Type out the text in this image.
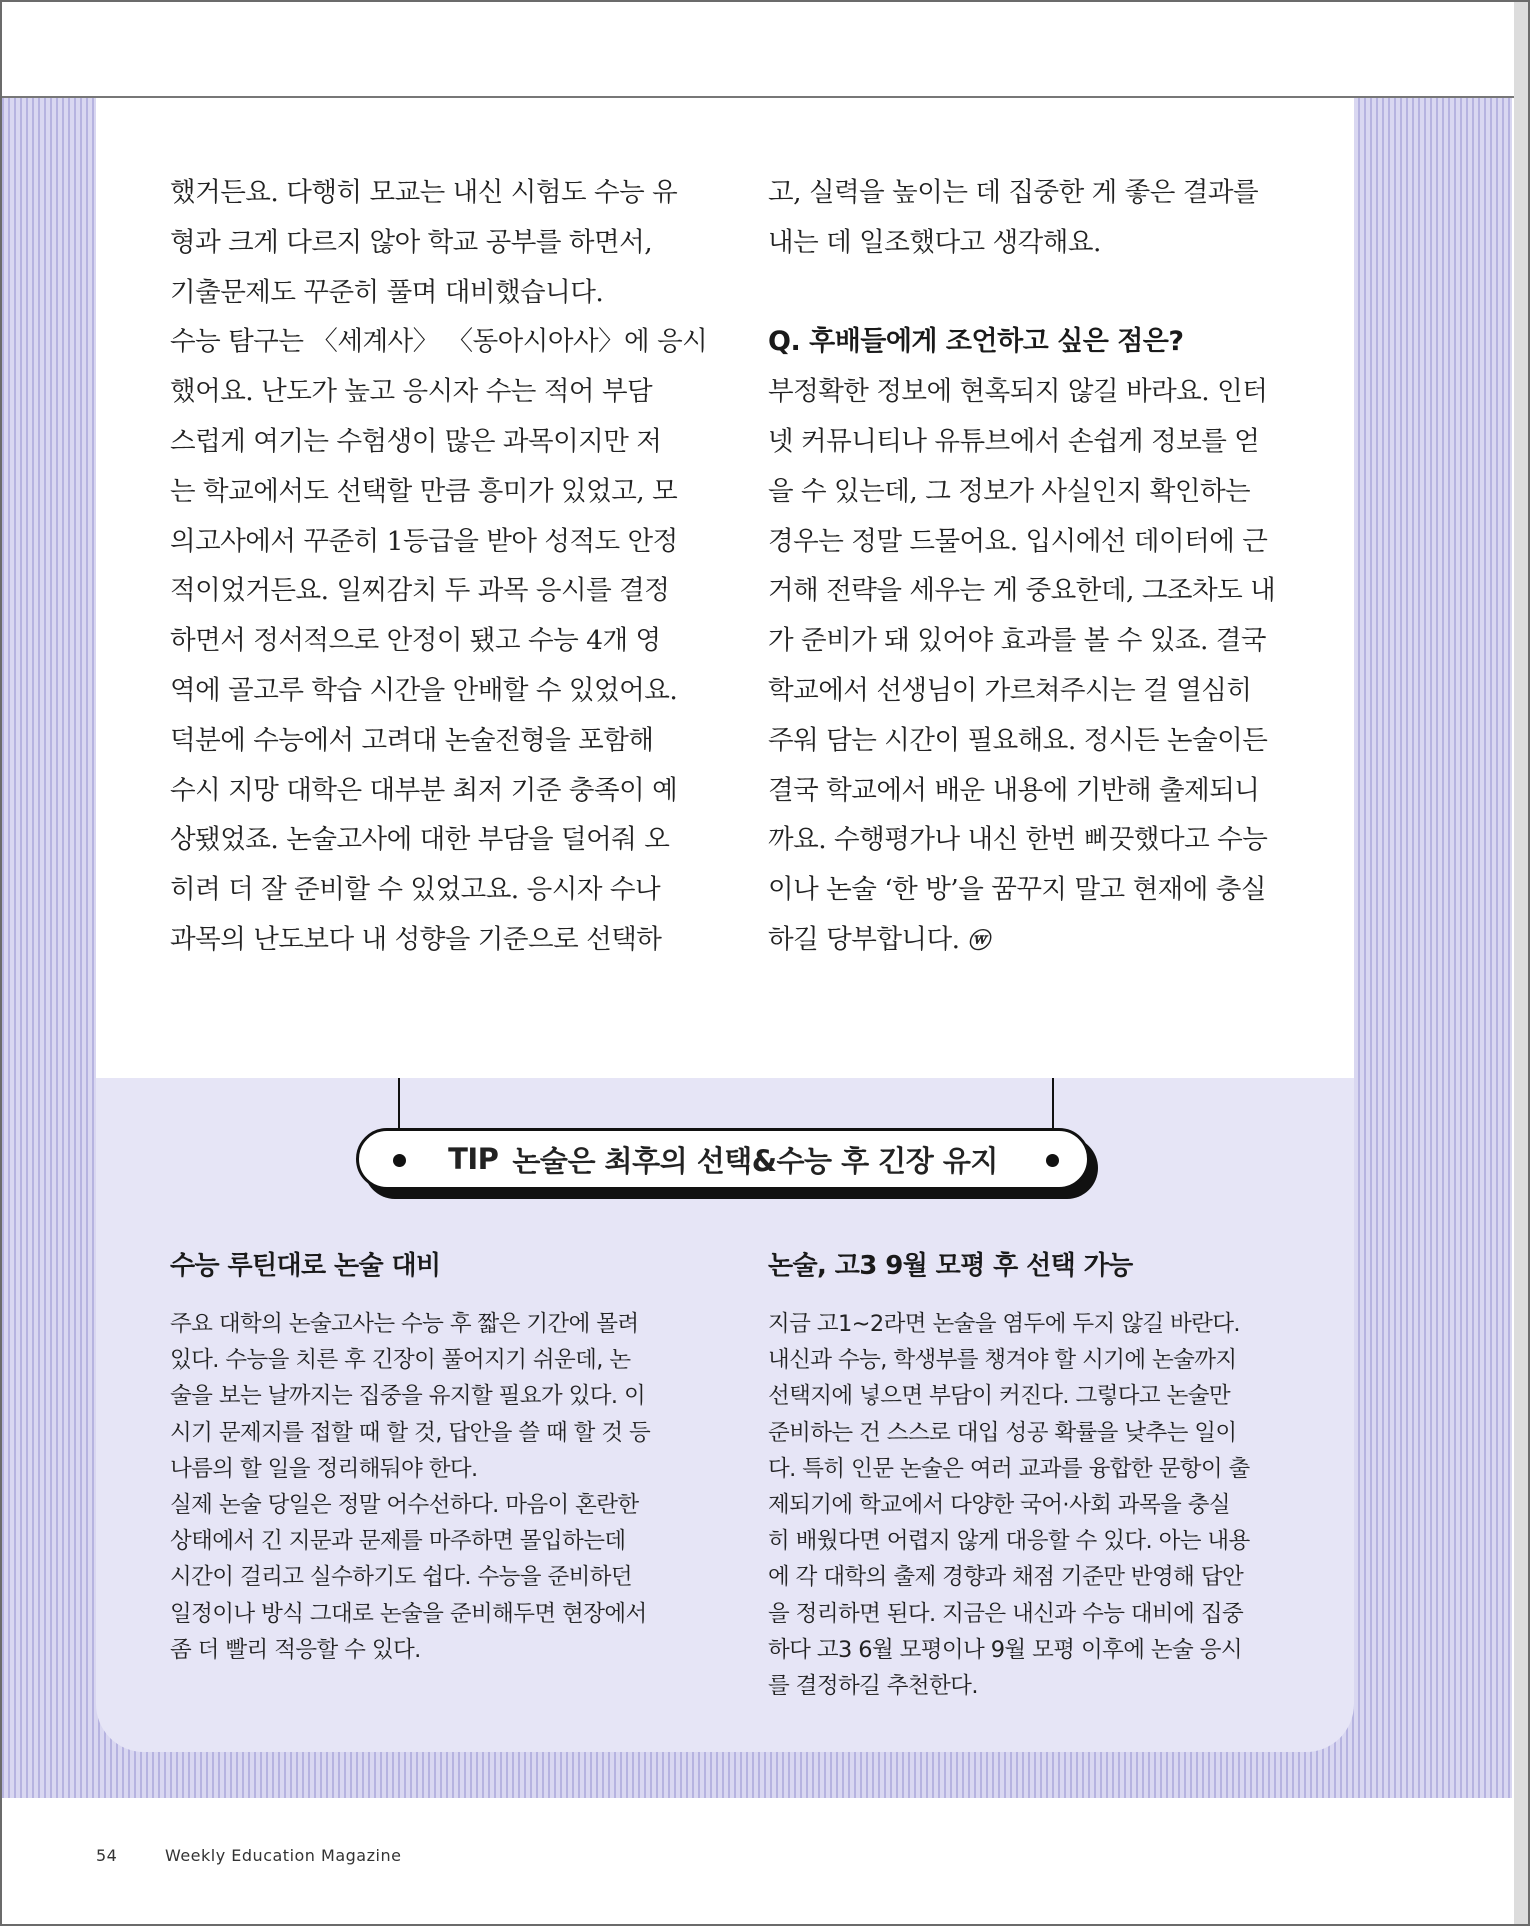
했거든요. 다행히 모교는 내신 시험도 수능 유
형과 크게 다르지 않아 학교 공부를 하면서,
기출문제도 꾸준히 풀며 대비했습니다.
수능 탐구는 〈세계사〉 〈동아시아사〉에 응시
했어요. 난도가 높고 응시자 수는 적어 부담
스럽게 여기는 수험생이 많은 과목이지만 저
는 학교에서도 선택할 만큼 흥미가 있었고, 모
의고사에서 꾸준히 1등급을 받아 성적도 안정
적이었거든요. 일찌감치 두 과목 응시를 결정
하면서 정서적으로 안정이 됐고 수능 4개 영
역에 골고루 학습 시간을 안배할 수 있었어요.
덕분에 수능에서 고려대 논술전형을 포함해
수시 지망 대학은 대부분 최저 기준 충족이 예
상됐었죠. 논술고사에 대한 부담을 덜어줘 오
히려 더 잘 준비할 수 있었고요. 응시자 수나
과목의 난도보다 내 성향을 기준으로 선택하
고, 실력을 높이는 데 집중한 게 좋은 결과를
내는 데 일조했다고 생각해요.
Q. 후배들에게 조언하고 싶은 점은?
부정확한 정보에 현혹되지 않길 바라요. 인터
넷 커뮤니티나 유튜브에서 손쉽게 정보를 얻
을 수 있는데, 그 정보가 사실인지 확인하는
경우는 정말 드물어요. 입시에선 데이터에 근
거해 전략을 세우는 게 중요한데, 그조차도 내
가 준비가 돼 있어야 효과를 볼 수 있죠. 결국
학교에서 선생님이 가르쳐주시는 걸 열심히
주워 담는 시간이 필요해요. 정시든 논술이든
결국 학교에서 배운 내용에 기반해 출제되니
까요. 수행평가나 내신 한번 삐끗했다고 수능
이나 논술 ‘한 방’을 꿈꾸지 말고 현재에 충실
하길 당부합니다. ⓦ
TIP 논술은 최후의 선택&수능 후 긴장 유지
수능 루틴대로 논술 대비
주요 대학의 논술고사는 수능 후 짧은 기간에 몰려
있다. 수능을 치른 후 긴장이 풀어지기 쉬운데, 논
술을 보는 날까지는 집중을 유지할 필요가 있다. 이
시기 문제지를 접할 때 할 것, 답안을 쓸 때 할 것 등
나름의 할 일을 정리해둬야 한다.
실제 논술 당일은 정말 어수선하다. 마음이 혼란한
상태에서 긴 지문과 문제를 마주하면 몰입하는데
시간이 걸리고 실수하기도 쉽다. 수능을 준비하던
일정이나 방식 그대로 논술을 준비해두면 현장에서
좀 더 빨리 적응할 수 있다.
논술, 고3 9월 모평 후 선택 가능
지금 고1~2라면 논술을 염두에 두지 않길 바란다.
내신과 수능, 학생부를 챙겨야 할 시기에 논술까지
선택지에 넣으면 부담이 커진다. 그렇다고 논술만
준비하는 건 스스로 대입 성공 확률을 낮추는 일이
다. 특히 인문 논술은 여러 교과를 융합한 문항이 출
제되기에 학교에서 다양한 국어·사회 과목을 충실
히 배웠다면 어렵지 않게 대응할 수 있다. 아는 내용
에 각 대학의 출제 경향과 채점 기준만 반영해 답안
을 정리하면 된다. 지금은 내신과 수능 대비에 집중
하다 고3 6월 모평이나 9월 모평 이후에 논술 응시
를 결정하길 추천한다.
54	Weekly Education Magazine
